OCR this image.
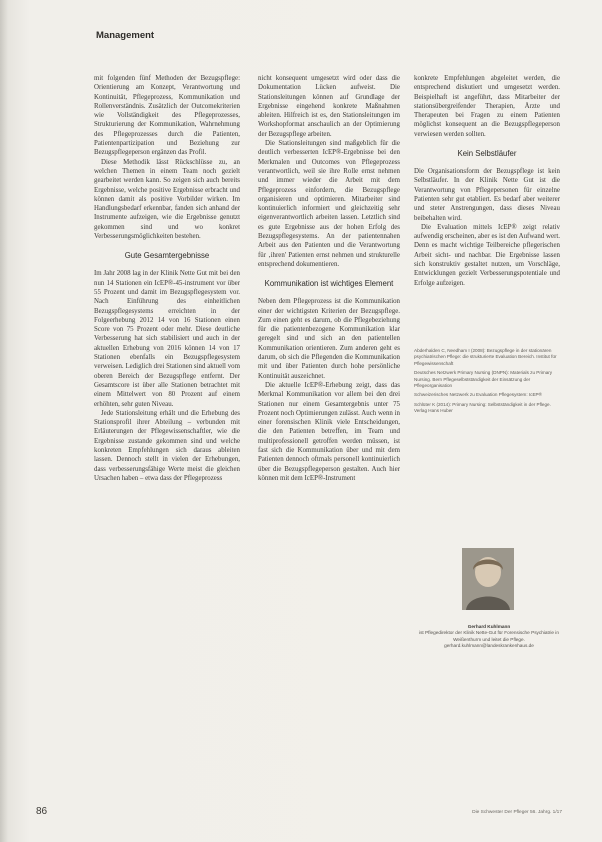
Management

mit folgenden fünf Methoden der Bezugspflege: Orientierung am Konzept, Verantwortung und Kontinuität, Pflegeprozess, Kommunikation und Rollenverständnis. Zusätzlich der Outcomekriterien wie Vollständigkeit des Pflegeprozesses, Strukturierung der Kommunikation, Wahrnehmung des Pflegeprozesses durch die Patienten, Patientenpartizipation und Beziehung zur Bezugspflegeperson ergänzen das Profil.

Diese Methodik lässt Rückschlüsse zu, an welchen Themen in einem Team noch gezielt gearbeitet werden kann. So zeigen sich auch bereits Ergebnisse, welche positive Ergebnisse erbracht und können damit als positive Vorbilder wirken. Im Handlungsbedarf erkennbar, fanden sich anhand der Instrumente aufzeigen, wie die Ergebnisse genutzt gekommen sind und wo konkret Verbesserungsmöglichkeiten bestehen.

Gute Gesamtergebnisse

Im Jahr 2008 lag in der Klinik Nette Gut mit bei den nun 14 Stationen ein IcEP®-45-instrument vor über 55 Prozent und damit im Bezugspflegesystem vor. Nach Einführung des einheitlichen Bezugspflegesystems erreichten in der Folgeerhebung 2012 14 von 16 Stationen einen Score von 75 Prozent oder mehr. Diese deutliche Verbesserung hat sich stabilisiert und auch in der aktuellen Erhebung von 2016 können 14 von 17 Stationen ebenfalls ein Bezugspflegesystem verweisen. Lediglich drei Stationen sind aktuell vom oberen Bereich der Bezugspflege entfernt. Der Gesamtscore ist über alle Stationen betrachtet mit einem Mittelwert von 80 Prozent auf einem erhöhten, sehr guten Niveau.

Jede Stationsleitung erhält und die Erhebung des Stationsprofil ihrer Abteilung – verbunden mit Erläuterungen der Pflegewissenschaftler, wie die Ergebnisse zustande gekommen sind und welche konkreten Empfehlungen sich daraus ableiten lassen. Dennoch stellt in vielen der Erhebungen, dass verbesserungsfähige Werte meist die gleichen Ursachen haben – etwa dass der Pflegeprozess

nicht konsequent umgesetzt wird oder dass die Dokumentation Lücken aufweist. Die Stationsleitungen können auf Grundlage der Ergebnisse eingehend konkrete Maßnahmen ableiten. Hilfreich ist es, den Stationsleitungen im Workshopformat anschaulich an der Optimierung der Bezugspflege arbeiten.

Die Stationsleitungen sind maßgeblich für die deutlich verbesserten IcEP®-Ergebnisse bei den Merkmalen und Outcomes von Pflegeprozess verantwortlich, weil sie ihre Rolle ernst nehmen und immer wieder die Arbeit mit dem Pflegeprozess einfordern, die Bezugspflege organisieren und optimieren. Mitarbeiter sind kontinuierlich informiert und gleichzeitig sehr eigenverantwortlich arbeiten lassen. Letztlich sind es gute Ergebnisse aus der hohen Erfolg des Bezugspflegesystems. An der patientennahen Arbeit aus den Patienten und die Verantwortung für ‚ihren' Patienten ernst nehmen und strukturelle entsprechend dokumentieren.

Kommunikation ist wichtiges Element

Neben dem Pflegeprozess ist die Kommunikation einer der wichtigsten Kriterien der Bezugspflege. Zum einen geht es darum, ob die Pflegebeziehung für die patientenbezogene Kommunikation klar geregelt sind und sich an den patientellen Kommunikation orientieren. Zum anderen geht es darum, ob sich die Pflegenden die Kommunikation mit und über Patienten durch hohe persönliche Kontinuität auszeichnet.

Die aktuelle IcEP®-Erhebung zeigt, dass das Merkmal Kommunikation vor allem bei den drei Stationen nur einem Gesamtergebnis unter 75 Prozent noch Optimierungen zulässt. Auch wenn in einer forensischen Klinik viele Entscheidungen, die den Patienten betreffen, im Team und multiprofessionell getroffen werden müssen, ist fast sich die Kommunikation über und mit dem Patienten dennoch oftmals personell kontinuierlich über die Bezugspflegeperson gestalten. Auch hier können mit dem IcEP®-Instrument

konkrete Empfehlungen abgeleitet werden, die entsprechend diskutiert und umgesetzt werden. Beispielhaft ist angeführt, dass Mitarbeiter der stationsübergreifender Therapien, Ärzte und Therapeuten bei Fragen zu einem Patienten möglichst konsequent an die Bezugspflegeperson verwiesen werden sollten.

Kein Selbstläufer

Die Organisationsform der Bezugspflege ist kein Selbstläufer. In der Klinik Nette Gut ist die Verantwortung von Pflegepersonen für einzelne Patienten sehr gut etabliert. Es bedarf aber weiterer und steter Anstrengungen, dass dieses Niveau beibehalten wird.

Die Evaluation mittels IcEP® zeigt relativ aufwendig erscheinen, aber es ist den Aufwand wert. Denn es macht wichtige Teilbereiche pflegerischen Arbeit sicht- und nachbar. Die Ergebnisse lassen sich konstruktiv gestaltet nutzen, um Vorschläge, Entwicklungen gezielt Verbesserungspotentiale und Erfolge aufzeigen.

Abderhalden C, Needham I (2008): Bezugspflege in der stationären psychiatrischen Pflege: die strukturierte Evaluation Bereich. Institut für Pflegewissenschaft

Deutsches Netzwerk Primary Nursing (DNPN): Materials zu Primary Nursing. Bern Pflegeselbstständigkeit der Einsätzung der Pflegeorganisation

Schweizerisches Netzwerk zu Evaluation Pflegesystem: IcEP®

Schlüter K (2014): Primary Nursing: Selbstständigkeit in der Pflege. Verlag Hans Huber

Gerhard Kuhlmann
ist Pflegedirektor der Klinik Nette-Gut für Forensische Psychiatrie in Weißenthurm und leitet die Pflege.
gerhard.kuhlmann@landeskrankenhaus.de
86	Die Schwester Der Pfleger 56. Jahrg. 1/17
